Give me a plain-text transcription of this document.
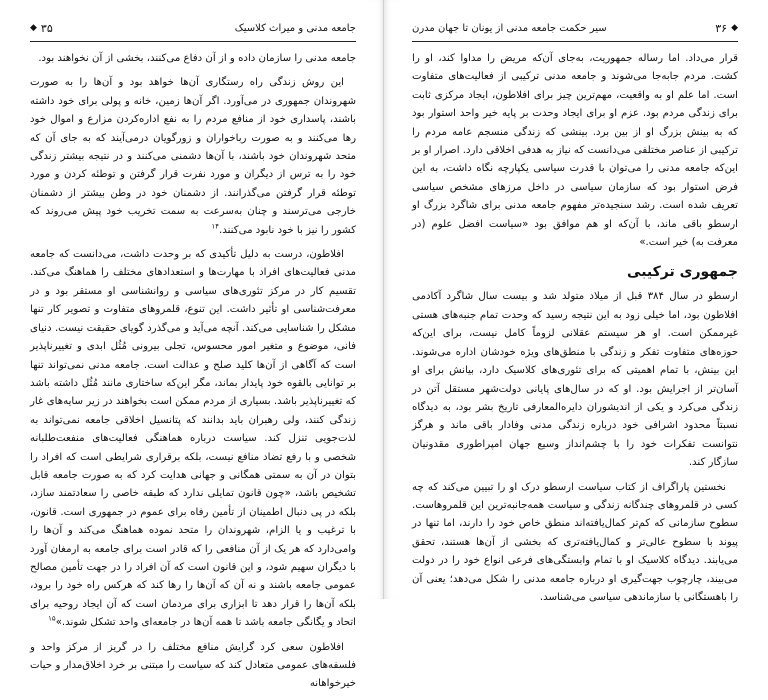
جامعه مدنی و میراث کلاسیک
۳۵
◆

جامعه مدنی را سازمان داده و از آن دفاع می‌کنند، بخشی از آن نخواهند بود.

این روش زندگی راه رستگاری آن‌ها خواهد بود و آن‌ها را به صورت شهروندان جمهوری در می‌آورد. اگر آن‌ها زمین، خانه و پولی برای خود داشته باشند، پاسداری خود از منافع مردم را به نفع اداره‌کردن مزارع و اموال خود رها می‌کنند و به صورت رباخواران و زورگویان درمی‌آیند که به جای آن که متحد شهروندان خود باشند، با آن‌ها دشمنی می‌کنند و در نتیجه بیشتر زندگی خود را به ترس از دیگران و مورد نفرت قرار گرفتن و توطئه کردن و مورد توطئه قرار گرفتن می‌گذرانند. از دشمنان خود در وطن بیشتر از دشمنان خارجی می‌ترسند و چنان به‌سرعت به سمت تخریب خود پیش می‌روند که کشور را نیز با خود نابود می‌کنند.$^{۱۴}$

افلاطون، درست به دلیل تأکیدی که بر وحدت داشت، می‌دانست که جامعه مدنی فعالیت‌های افراد با مهارت‌ها و استعدادهای مختلف را هماهنگ می‌کند. تقسیم کار در مرکز تئوری‌های سیاسی و روانشناسی او مستقر بود و در معرفت‌شناسی او تأثیر داشت. این تنوع، قلمروهای متفاوت و تصویر کار تنها مشکل را شناسایی می‌کند. آنچه می‌آید و می‌گذرد گویای حقیقت نیست. دنیای فانی، موضوع و متغیر امور محسوس، تجلی بیرونی مُثُل ابدی و تغییرناپذیر است که آگاهی از آن‌ها کلید صلح و عدالت است. جامعه مدنی نمی‌تواند تنها بر توانایی بالقوه خود پایدار بماند، مگر این‌که ساختاری مانند مُثُل داشته باشد که تغییرناپذیر باشد. بسیاری از مردم ممکن است بخواهند در زیر سایه‌های غار زندگی کنند، ولی رهبران باید بدانند که پتانسیل اخلاقی جامعه نمی‌تواند به لذت‌جویی تنزل کند. سیاست درباره هماهنگی فعالیت‌های منفعت‌طلبانه شخصی و با رفع تضاد منافع نیست، بلکه برقراری شرایطی است که افراد را بتوان در آن به سمتی همگانی و جهانی هدایت کرد که به صورت جامعه قابل تشخیص باشد، «چون قانون تمایلی ندارد که طبقه خاصی را سعادتمند سازد، بلکه در پی دنبال اطمینان از تأمین رفاه برای عموم در جمهوری است. قانون، با ترغیب و یا الزام، شهروندان را متحد نموده هماهنگ می‌کند و آن‌ها را وامی‌دارد که هر یک از آن منافعی را که قادر است برای جامعه به ارمغان آورد با دیگران سهیم شود، و این قانون است که آن افراد را در جهت تأمین مصالح عمومی جامعه باشند و نه آن که آن‌ها را رها کند که هرکس راه خود را برود، بلکه آن‌ها را قرار دهد تا ابزاری برای مردمان است که آن ایجاد روحیه برای اتحاد و یگانگی جامعه باشد تا همه آن‌ها در جامعه‌ای واحد تشکل شوند.»$^{۱۵}$

افلاطون سعی کرد گرایش منافع مختلف را در گریز از مرکز واحد و فلسفه‌های عمومی متعادل کند که سیاست را مبتنی بر خرد اخلاق‌مدار و حیات خیرخواهانه

◆
۳۶
سیر حکمت جامعه مدنی از یونان تا جهان مدرن

قرار می‌داد. اما رساله جمهوریت، به‌جای آن‌که مریض را مداوا کند، او را کشت. مردم جابه‌جا می‌شوند و جامعه مدنی ترکیبی از فعالیت‌های متفاوت است. اما علم او به واقعیت، مهم‌ترین چیز برای افلاطون، ایجاد مرکزی ثابت برای زندگی مردم بود. عزم او برای ایجاد وحدت بر پایه خیر واحد استوار بود که به بینش بزرگ او از بین برد. بینشی که زندگی منسجم عامه مردم را ترکیبی از عناصر مختلفی می‌دانست که نیاز به هدفی اخلاقی دارد. اصرار او بر این‌که جامعه مدنی را می‌توان با قدرت سیاسی یکپارچه نگاه داشت، به این فرض استوار بود که سازمان سیاسی در داخل مرزهای مشخص سیاسی تعریف شده است. رشد سنجیده‌تر مفهوم جامعه مدنی برای شاگرد بزرگ او ارسطو باقی ماند، با آن‌که او هم موافق بود «سیاست افضل علوم (در معرفت به) خیر است.»

جمهوری ترکیبی

ارسطو در سال ۳۸۴ قبل از میلاد متولد شد و بیست سال شاگرد آکادمی افلاطون بود، اما خیلی زود به این نتیجه رسید که وحدت تمام جنبه‌های هستی غیرممکن است. او هر سیستم عقلانی لزوماً کامل نیست، برای این‌که حوزه‌های متفاوت تفکر و زندگی با منطق‌های ویژه خودشان اداره می‌شوند. این بینش، با تمام اهمیتی که برای تئوری‌های کلاسیک دارد، بیانش برای او آسان‌تر از اجرایش بود. او که در سال‌های پایانی دولت‌شهر مستقل آتن در زندگی می‌کرد و یکی از اندیشوران دایره‌المعارفی تاریخ بشر بود، به دیدگاه نسبتاً محدود اشرافی خود درباره زندگی مدنی وفادار باقی ماند و هرگز نتوانست تفکرات خود را با چشم‌انداز وسیع جهان امپراطوری مقدونیان سازگار کند.

نخستین پاراگراف از کتاب سیاست ارسطو درک او را تبیین می‌کند که چه کسی در قلمروهای چندگانه زندگی و سیاست همه‌جانبه‌ترین این قلمروهاست. سطوح سازمانی که کم‌تر کمال‌یافته‌اند منطق خاص خود را دارند، اما تنها در پیوند با سطوح عالی‌تر و کمال‌یافته‌تری که بخشی از آن‌ها هستند، تحقق می‌یابند. دیدگاه کلاسیک او با تمام وابستگی‌های فرعی انواع خود را در دولت می‌بیند، چارچوب جهت‌گیری او درباره جامعه مدنی را شکل می‌دهد؛ یعنی آن را باهستگانی با سازماندهی سیاسی می‌شناسد.
